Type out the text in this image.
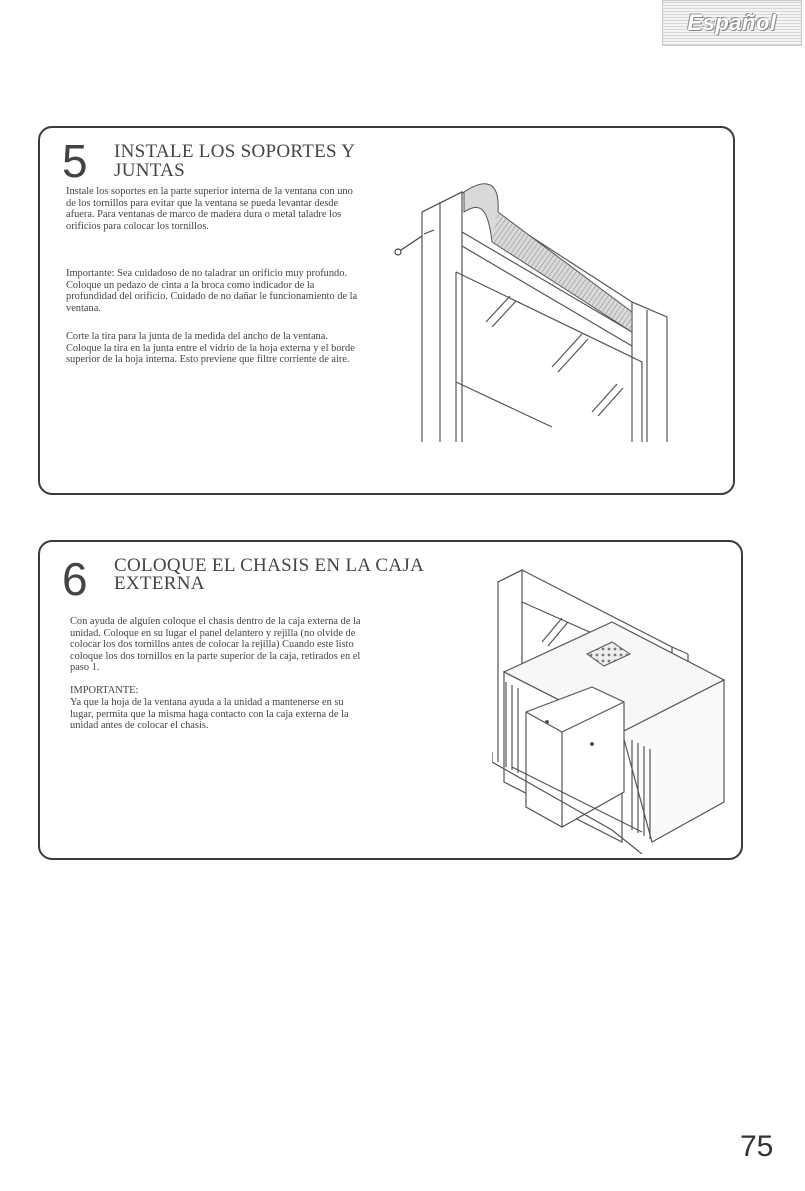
Español
5 INSTALE LOS SOPORTES Y
JUNTAS

Instale los soportes en la parte superior interna de la ventana con uno de los tornillos para evitar que la ventana se pueda levantar desde afuera. Para ventanas de marco de madera dura o metal taladre los orificios para colocar los tornillos.

Importante: Sea cuidadoso de no taladrar un orificio muy profundo. Coloque un pedazo de cinta a la broca como indicador de la profundidad del orificio. Cuidado de no dañar le funcionamiento de la ventana.

Corte la tira para la junta de la medida del ancho de la ventana. Coloque la tira en la junta entre el vidrio de la hoja externa y el borde superior de la hoja interna. Esto previene que filtre corriente de aire.

6 COLOQUE EL CHASIS EN LA CAJA
EXTERNA

Con ayuda de alguien coloque el chasis dentro de la caja externa de la unidad. Coloque en su lugar el panel delantero y rejilla (no olvide de colocar los dos tornillos antes de colocar la rejilla) Cuando este listo coloque los dos tornillos en la parte superior de la caja, retirados en el paso 1.

IMPORTANTE:

Ya que la hoja de la ventana ayuda a la unidad a mantenerse en su lugar, permita que la misma haga contacto con la caja externa de la unidad antes de colocar el chasis.

75
